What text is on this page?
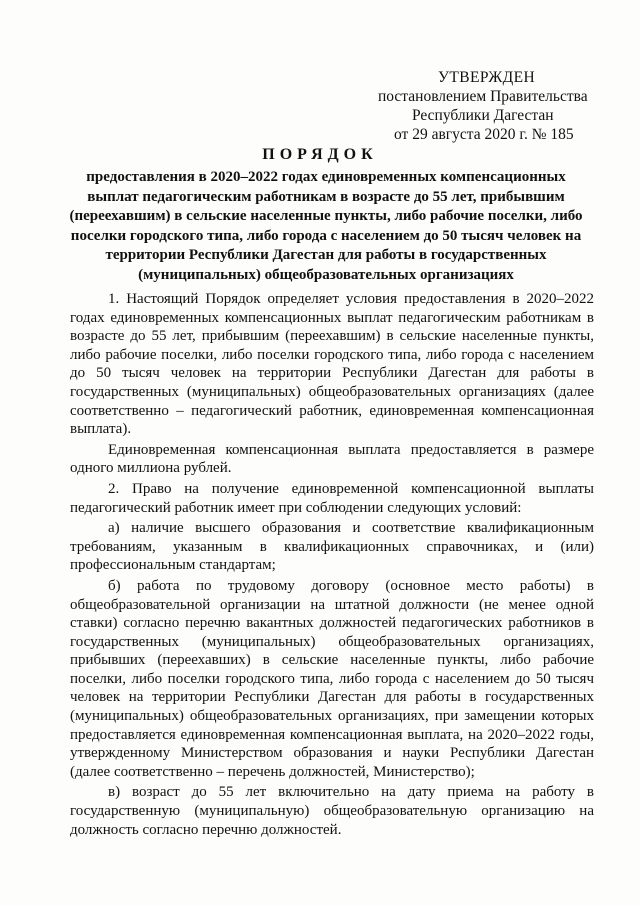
УТВЕРЖДЕН
постановлением Правительства
Республики Дагестан
от 29 августа 2020 г. № 185
ПОРЯДОК
предоставления в 2020–2022 годах единовременных компенсационных выплат педагогическим работникам в возрасте до 55 лет, прибывшим (переехавшим) в сельские населенные пункты, либо рабочие поселки, либо поселки городского типа, либо города с населением до 50 тысяч человек на территории Республики Дагестан для работы в государственных (муниципальных) общеобразовательных организациях

1. Настоящий Порядок определяет условия предоставления в 2020–2022 годах единовременных компенсационных выплат педагогическим работникам в возрасте до 55 лет, прибывшим (переехавшим) в сельские населенные пункты, либо рабочие поселки, либо поселки городского типа, либо города с населением до 50 тысяч человек на территории Республики Дагестан для работы в государственных (муниципальных) общеобразовательных организациях (далее соответственно – педагогический работник, единовременная компенсационная выплата).

Единовременная компенсационная выплата предоставляется в размере одного миллиона рублей.

2. Право на получение единовременной компенсационной выплаты педагогический работник имеет при соблюдении следующих условий:

а) наличие высшего образования и соответствие квалификационным требованиям, указанным в квалификационных справочниках, и (или) профессиональным стандартам;

б) работа по трудовому договору (основное место работы) в общеобразовательной организации на штатной должности (не менее одной ставки) согласно перечню вакантных должностей педагогических работников в государственных (муниципальных) общеобразовательных организациях, прибывших (переехавших) в сельские населенные пункты, либо рабочие поселки, либо поселки городского типа, либо города с населением до 50 тысяч человек на территории Республики Дагестан для работы в государственных (муниципальных) общеобразовательных организациях, при замещении которых предоставляется единовременная компенсационная выплата, на 2020–2022 годы, утвержденному Министерством образования и науки Республики Дагестан (далее соответственно – перечень должностей, Министерство);

в) возраст до 55 лет включительно на дату приема на работу в государственную (муниципальную) общеобразовательную организацию на должность согласно перечню должностей.
